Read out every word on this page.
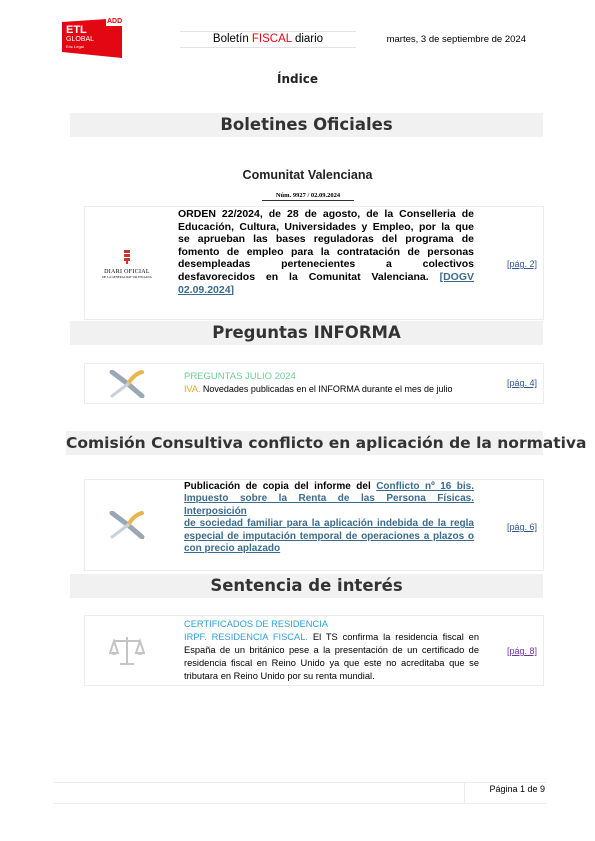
ADD
ETL
GLOBAL
Eric Legal
Boletín FISCAL diario	martes, 3 de septiembre de 2024
Índice
Boletines Oficiales
Comunitat Valenciana
Núm. 9927 / 02.09.2024
DIARI OFICIAL
DE LA GENERALITAT VALENCIANA
ORDEN 22/2024, de 28 de agosto, de la Conselleria de
Educación, Cultura, Universidades y Empleo, por la que
se aprueban las bases reguladoras del programa de
fomento de empleo para la contratación de personas
desempleadas pertenecientes a colectivos
desfavorecidos en la Comunitat Valenciana. [DOGV
02.09.2024]
[pág. 2]
Preguntas INFORMA
PREGUNTAS JULIO 2024
IVA. Novedades publicadas en el INFORMA durante el mes de julio
[pág. 4]
Comisión Consultiva conflicto en aplicación de la normativa
Publicación de copia del informe del Conflicto nº 16 bis.
Impuesto sobre la Renta de las Persona Físicas. Interposición
de sociedad familiar para la aplicación indebida de la regla
especial de imputación temporal de operaciones a plazos o
con precio aplazado
[pág. 6]
Sentencia de interés
CERTIFICADOS DE RESIDENCIA
IRPF. RESIDENCIA FISCAL. El TS confirma la residencia fiscal en
España de un británico pese a la presentación de un certificado de
residencia fiscal en Reino Unido ya que este no acreditaba que se
tributara en Reino Unido por su renta mundial.
[pág. 8]
Página 1 de 9
